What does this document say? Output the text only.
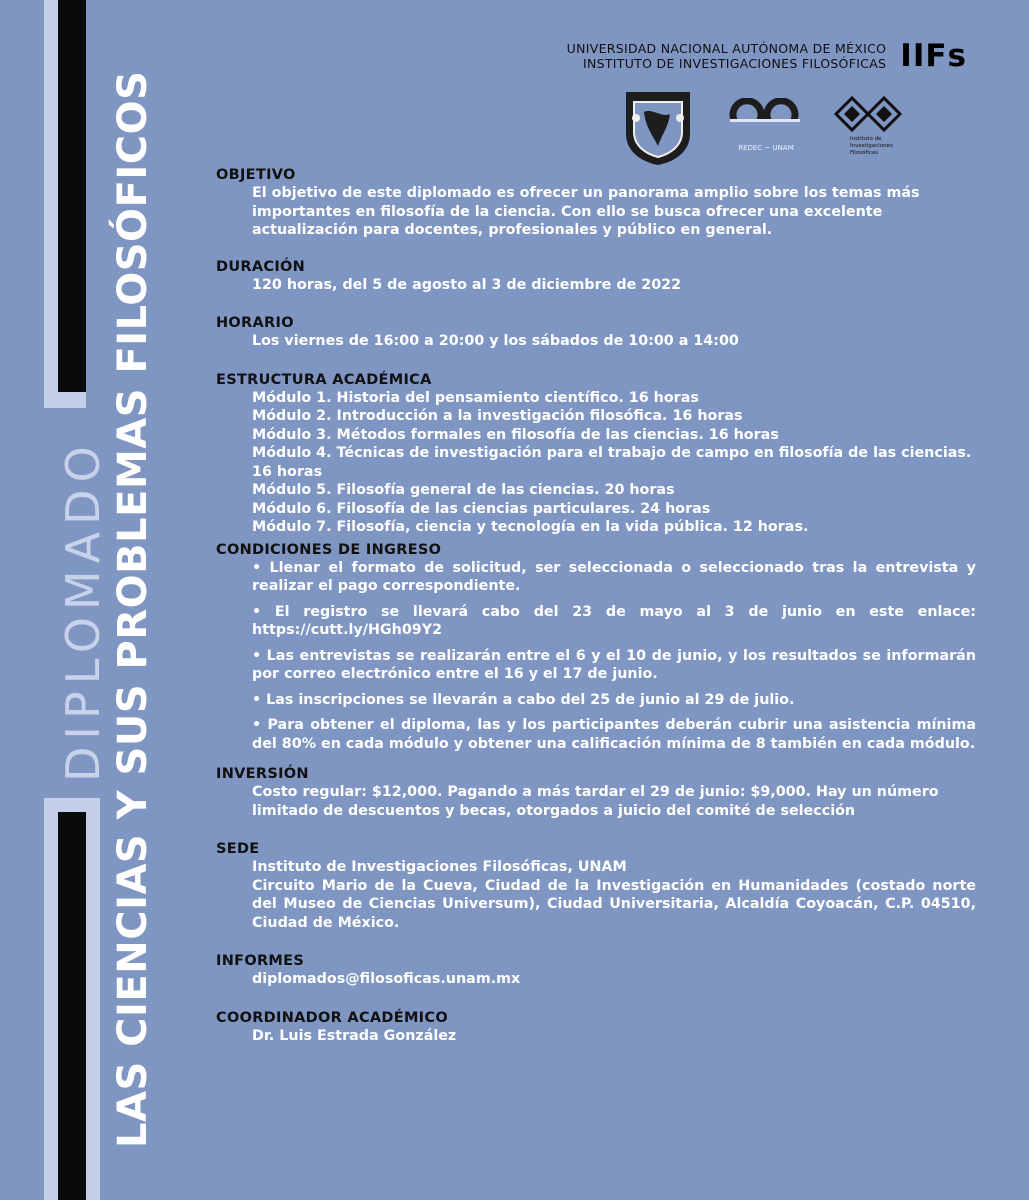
DIPLOMADO LAS CIENCIAS Y SUS PROBLEMAS FILOSÓFICOS
UNIVERSIDAD NACIONAL AUTÓNOMA DE MÉXICO
INSTITUTO DE INVESTIGACIONES FILOSÓFICAS IIFs
REDEC ~ UNAM
Instituto de
Investigaciones
Filosóficas
OBJETIVO

El objetivo de este diplomado es ofrecer un panorama amplio sobre los temas más importantes en filosofía de la ciencia. Con ello se busca ofrecer una excelente actualización para docentes, profesionales y público en general.

DURACIÓN

120 horas, del 5 de agosto al 3 de diciembre de 2022

HORARIO

Los viernes de 16:00 a 20:00 y los sábados de 10:00 a 14:00

ESTRUCTURA ACADÉMICA

Módulo 1. Historia del pensamiento científico. 16 horas

Módulo 2. Introducción a la investigación filosófica. 16 horas

Módulo 3. Métodos formales en filosofía de las ciencias. 16 horas

Módulo 4. Técnicas de investigación para el trabajo de campo en filosofía de las ciencias. 16 horas

Módulo 5. Filosofía general de las ciencias. 20 horas

Módulo 6. Filosofía de las ciencias particulares. 24 horas

Módulo 7. Filosofía, ciencia y tecnología en la vida pública. 12 horas.

CONDICIONES DE INGRESO

• Llenar el formato de solicitud, ser seleccionada o seleccionado tras la entrevista y realizar el pago correspondiente.

• El registro se llevará cabo del 23 de mayo al 3 de junio en este enlace: https://cutt.ly/HGh09Y2

• Las entrevistas se realizarán entre el 6 y el 10 de junio, y los resultados se informarán por correo electrónico entre el 16 y el 17 de junio.

• Las inscripciones se llevarán a cabo del 25 de junio al 29 de julio.

• Para obtener el diploma, las y los participantes deberán cubrir una asistencia mínima del 80% en cada módulo y obtener una calificación mínima de 8 también en cada módulo.

INVERSIÓN

Costo regular: $12,000. Pagando a más tardar el 29 de junio: $9,000. Hay un número limitado de descuentos y becas, otorgados a juicio del comité de selección

SEDE

Instituto de Investigaciones Filosóficas, UNAM

Circuito Mario de la Cueva, Ciudad de la Investigación en Humanidades (costado norte del Museo de Ciencias Universum), Ciudad Universitaria, Alcaldía Coyoacán, C.P. 04510, Ciudad de México.

INFORMES

diplomados@filosoficas.unam.mx

COORDINADOR ACADÉMICO

Dr. Luis Estrada González
